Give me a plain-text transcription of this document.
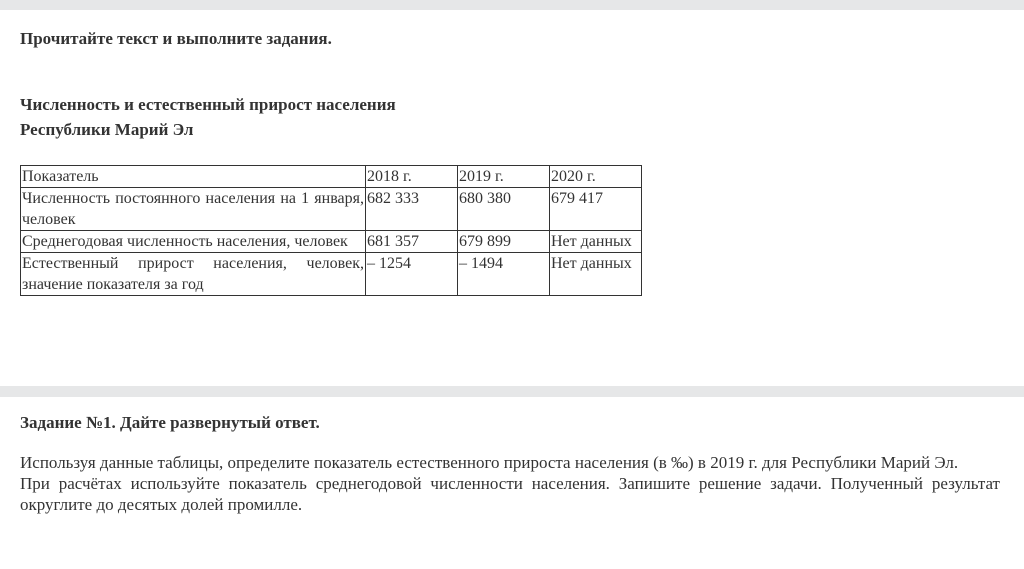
Прочитайте текст и выполните задания.

Численность и естественный прирост населения
Республики Марий Эл
Показатель	2018 г.	2019 г.	2020 г.
Численность постоянного населения на 1 января, человек	682 333	680 380	679 417
Среднегодовая численность населения, человек	681 357	679 899	Нет данных
Естественный прирост населения, человек, значение показателя за год	– 1254	– 1494	Нет данных

Задание №1. Дайте развернутый ответ.

Используя данные таблицы, определите показатель естественного прироста населения (в ‰) в 2019 г. для Республики Марий Эл.

При расчётах используйте показатель среднегодовой численности населения. Запишите решение задачи. Полученный результат округлите до десятых долей промилле.
